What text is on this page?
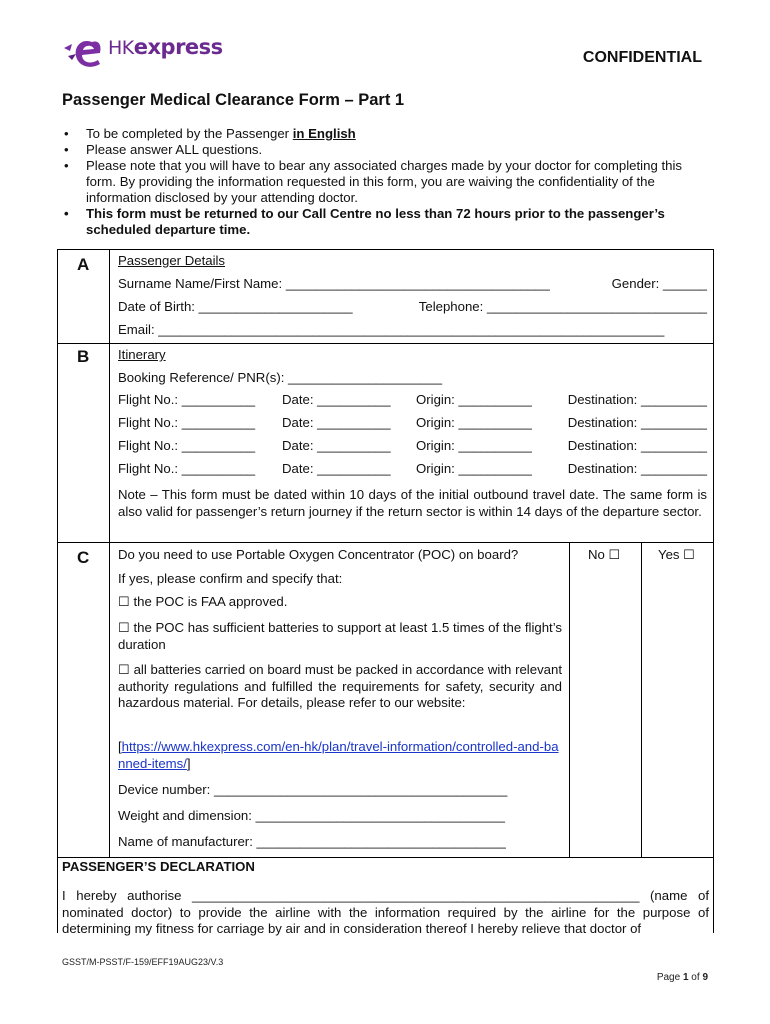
HKexpress	CONFIDENTIAL
Passenger Medical Clearance Form – Part 1
• To be completed by the Passenger in English
• Please answer ALL questions.
• Please note that you will have to bear any associated charges made by your doctor for completing this form. By providing the information requested in this form, you are waiving the confidentiality of the information disclosed by your attending doctor.
• This form must be returned to our Call Centre no less than 72 hours prior to the passenger’s scheduled departure time.
A Passenger Details
Surname Name/First Name: ____________________________________	Gender: ______
Date of Birth: _____________________	Telephone: ______________________________
Email: _____________________________________________________________________
B Itinerary
Booking Reference/ PNR(s): _____________________
Flight No.: __________ Date: __________ Origin: __________	Destination: _________
Flight No.: __________ Date: __________ Origin: __________	Destination: _________
Flight No.: __________ Date: __________ Origin: __________	Destination: _________
Flight No.: __________ Date: __________ Origin: __________	Destination: _________
Note – This form must be dated within 10 days of the initial outbound travel date. The same form is also valid for passenger’s return journey if the return sector is within 14 days of the departure sector.
C Do you need to use Portable Oxygen Concentrator (POC) on board?	No ☐	Yes ☐
If yes, please confirm and specify that:
☐ the POC is FAA approved.
☐ the POC has sufficient batteries to support at least 1.5 times of the flight’s duration
☐ all batteries carried on board must be packed in accordance with relevant authority regulations and fulfilled the requirements for safety, security and hazardous material. For details, please refer to our website:
[https://www.hkexpress.com/en-hk/plan/travel-information/controlled-and-banned-items/]
Device number: ________________________________________
Weight and dimension: __________________________________
Name of manufacturer: __________________________________
PASSENGER’S DECLARATION
I hereby authorise _____________________________________________________________ (name of nominated doctor) to provide the airline with the information required by the airline for the purpose of determining my fitness for carriage by air and in consideration thereof I hereby relieve that doctor of
GSST/M-PSST/F-159/EFF19AUG23/V.3
Page 1 of 9
